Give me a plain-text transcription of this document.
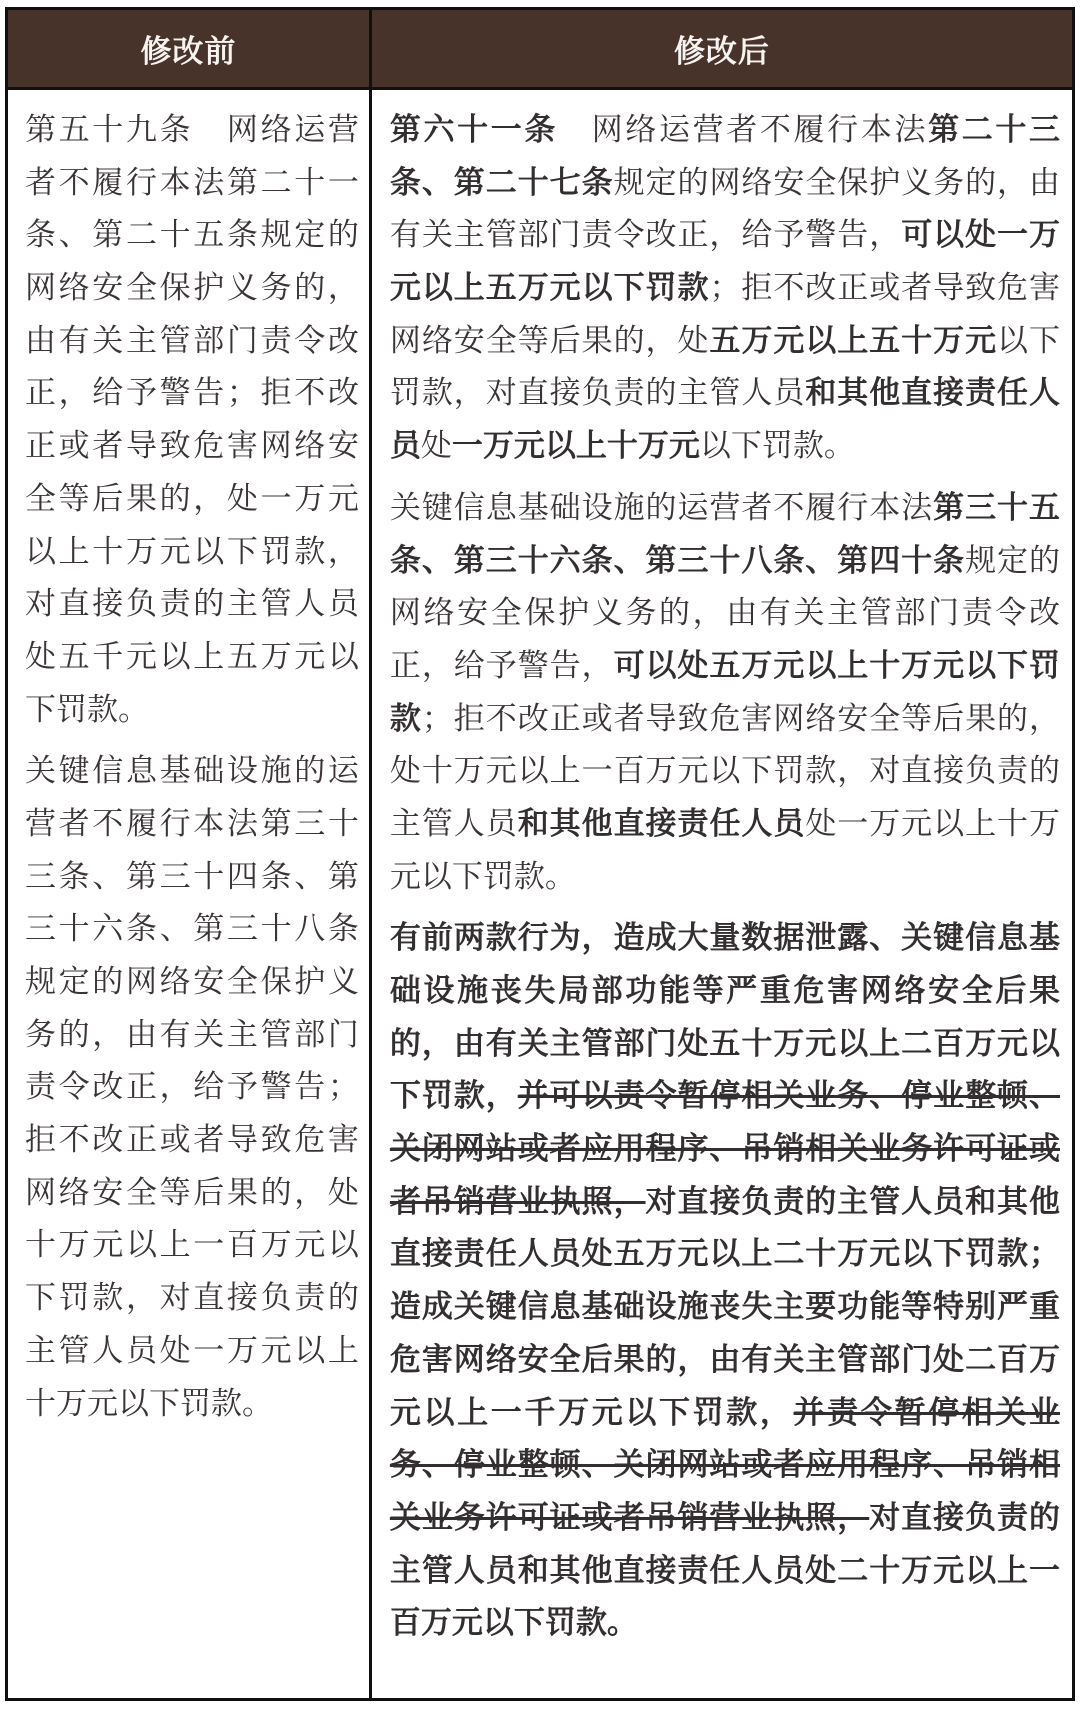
修改前	修改后

第五十九条　网络运营者不履行本法第二十一条、第二十五条规定的网络安全保护义务的，由有关主管部门责令改正，给予警告；拒不改正或者导致危害网络安全等后果的，处一万元以上十万元以下罚款，对直接负责的主管人员处五千元以上五万元以下罚款。

关键信息基础设施的运营者不履行本法第三十三条、第三十四条、第三十六条、第三十八条规定的网络安全保护义务的，由有关主管部门责令改正，给予警告；拒不改正或者导致危害网络安全等后果的，处十万元以上一百万元以下罚款，对直接负责的主管人员处一万元以上十万元以下罚款。

第六十一条　网络运营者不履行本法第二十三条、第二十七条规定的网络安全保护义务的，由有关主管部门责令改正，给予警告，可以处一万元以上五万元以下罚款；拒不改正或者导致危害网络安全等后果的，处五万元以上五十万元以下罚款，对直接负责的主管人员和其他直接责任人员处一万元以上十万元以下罚款。

关键信息基础设施的运营者不履行本法第三十五条、第三十六条、第三十八条、第四十条规定的网络安全保护义务的，由有关主管部门责令改正，给予警告，可以处五万元以上十万元以下罚款；拒不改正或者导致危害网络安全等后果的，处十万元以上一百万元以下罚款，对直接负责的主管人员和其他直接责任人员处一万元以上十万元以下罚款。

有前两款行为，造成大量数据泄露、关键信息基础设施丧失局部功能等严重危害网络安全后果的，由有关主管部门处五十万元以上二百万元以下罚款，并可以责令暂停相关业务、停业整顿、关闭网站或者应用程序、吊销相关业务许可证或者吊销营业执照，对直接负责的主管人员和其他直接责任人员处五万元以上二十万元以下罚款；造成关键信息基础设施丧失主要功能等特别严重危害网络安全后果的，由有关主管部门处二百万元以上一千万元以下罚款，并责令暂停相关业务、停业整顿、关闭网站或者应用程序、吊销相关业务许可证或者吊销营业执照，对直接负责的主管人员和其他直接责任人员处二十万元以上一百万元以下罚款。
